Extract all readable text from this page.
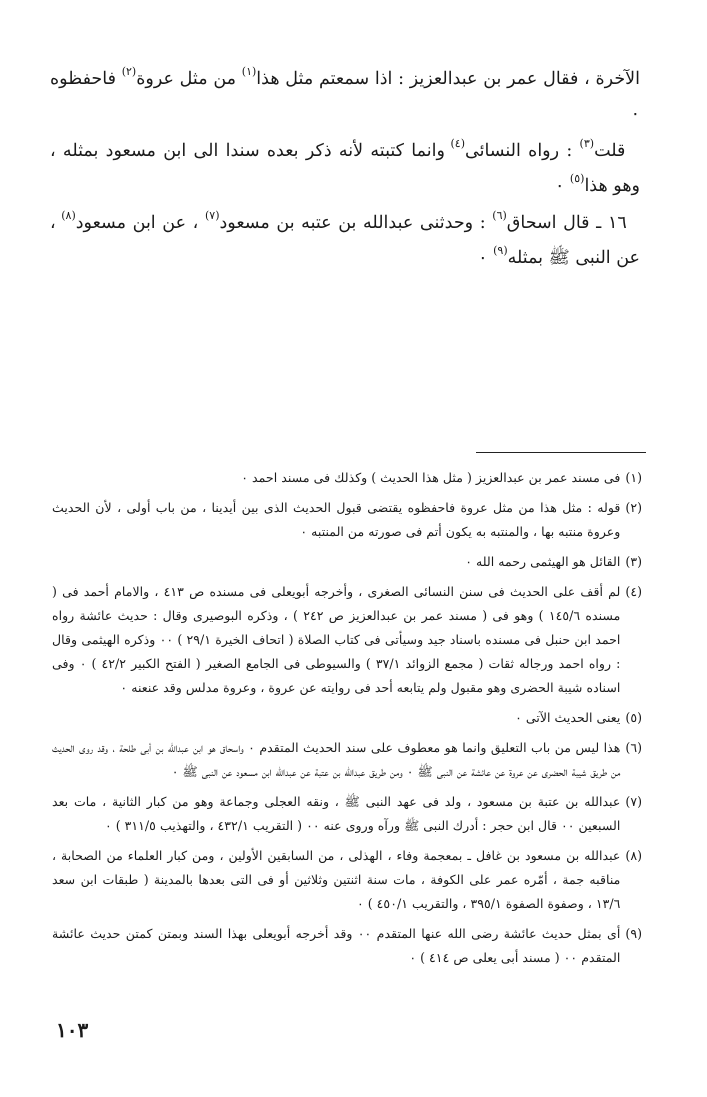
الآخرة ، فقال عمر بن عبدالعزيز : اذا سمعتم مثل هذا$^{(١)}$ من مثل عروة$^{(٢)}$ فاحفظوه ٠

قلت$^{(٣)}$ : رواه النسائى$^{(٤)}$ وانما كتبته لأنه ذكر بعده سندا الى ابن مسعود بمثله ، وهو هذا$^{(٥)}$ ٠

١٦ ـ قال اسحاق$^{(٦)}$ : وحدثنى عبدالله بن عتبه بن مسعود$^{(٧)}$ ، عن ابن مسعود$^{(٨)}$ ، عن النبى ﷺ بمثله$^{(٩)}$ ٠

(١)
فى مسند عمر بن عبدالعزيز ( مثل هذا الحديث ) وكذلك فى مسند احمد ٠
(٢)
قوله : مثل هذا من مثل عروة فاحفظوه يقتضى قبول الحديث الذى بين أيدينا ، من باب أولى ، لأن الحديث وعروة منتبه بها ، والمنتبه به يكون أتم فى صورته من المنتبه ٠
(٣)
القائل هو الهيثمى رحمه الله ٠
(٤)
لم أقف على الحديث فى سنن النسائى الصغرى ، وأخرجه أبويعلى فى مسنده ص ٤١٣ ، والامام أحمد فى ( مسنده ١٤٥/٦ ) وهو فى ( مسند عمر بن عبدالعزيز ص ٢٤٢ ) ، وذكره البوصيرى وقال : حديث عائشة رواه احمد ابن حنبل فى مسنده باسناد جيد وسيأتى فى كتاب الصلاة ( اتحاف الخيرة ٢٩/١ ) ٠٠ وذكره الهيثمى وقال : رواه احمد ورجاله ثقات ( مجمع الزوائد ٣٧/١ ) والسيوطى فى الجامع الصغير ( الفتح الكبير ٤٢/٢ ) ٠ وفى اسناده شيبة الحضرى وهو مقبول ولم يتابعه أحد فى روايته عن عروة ، وعروة مدلس وقد عنعنه ٠
(٥)
يعنى الحديث الآتى ٠
(٦)
هذا ليس من باب التعليق وانما هو معطوف على سند الحديث المتقدم ٠ واسحاق هو ابن عبدالله بن أبى طلحة ، وقد روى الحديث من طريق شيبة الحضرى عن عروة عن عائشة عن النبى ﷺ ٠ ومن طريق عبدالله بن عتبة عن عبدالله ابن مسعود عن النبى ﷺ ٠
(٧)
عبدالله بن عتبة بن مسعود ، ولد فى عهد النبى ﷺ ، ونقه العجلى وجماعة وهو من كبار الثانية ، مات بعد السبعين ٠٠ قال ابن حجر : أدرك النبى ﷺ ورآه وروى عنه ٠٠ ( التقريب ٤٣٢/١ ، والتهذيب ٣١١/٥ ) ٠
(٨)
عبدالله بن مسعود بن غافل ـ بمعجمة وفاء ، الهذلى ، من السابقين الأولين ، ومن كبار العلماء من الصحابة ، مناقبه جمة ، أمّره عمر على الكوفة ، مات سنة اثنتين وثلاثين أو فى التى بعدها بالمدينة ( طبقات ابن سعد ١٣/٦ ، وصفوة الصفوة ٣٩٥/١ ، والتقريب ٤٥٠/١ ) ٠
(٩)
أى بمثل حديث عائشة رضى الله عنها المتقدم ٠٠ وقد أخرجه أبويعلى بهذا السند وبمتن كمتن حديث عائشة المتقدم ٠٠ ( مسند أبى يعلى ص ٤١٤ ) ٠
١٠٣
